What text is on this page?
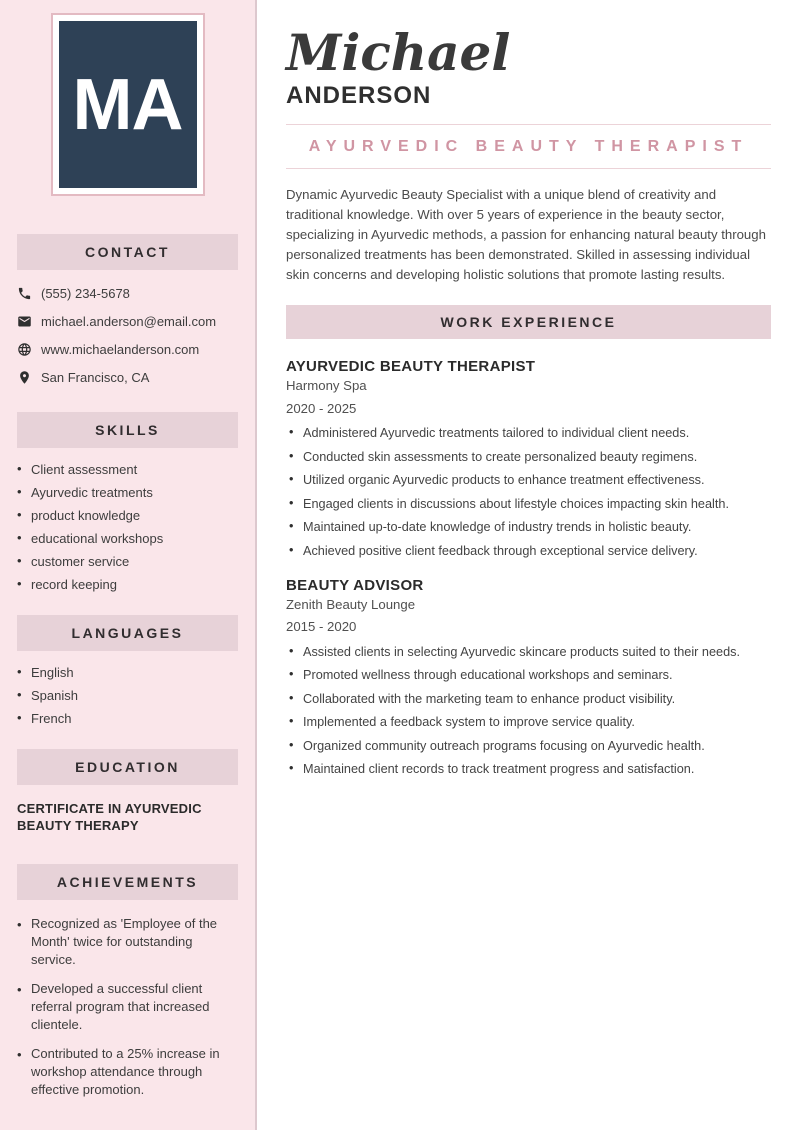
MA
CONTACT
(555) 234-5678
michael.anderson@email.com
www.michaelanderson.com
San Francisco, CA
SKILLS
• Client assessment
• Ayurvedic treatments
• product knowledge
• educational workshops
• customer service
• record keeping
LANGUAGES
• English
• Spanish
• French
EDUCATION
CERTIFICATE IN AYURVEDIC BEAUTY THERAPY
ACHIEVEMENTS
• Recognized as 'Employee of the Month' twice for outstanding service.
• Developed a successful client referral program that increased clientele.
• Contributed to a 25% increase in workshop attendance through effective promotion.
Michael
ANDERSON
AYURVEDIC BEAUTY THERAPIST

Dynamic Ayurvedic Beauty Specialist with a unique blend of creativity and traditional knowledge. With over 5 years of experience in the beauty sector, specializing in Ayurvedic methods, a passion for enhancing natural beauty through personalized treatments has been demonstrated. Skilled in assessing individual skin concerns and developing holistic solutions that promote lasting results.

WORK EXPERIENCE
AYURVEDIC BEAUTY THERAPIST
Harmony Spa
2020 - 2025
• Administered Ayurvedic treatments tailored to individual client needs.
• Conducted skin assessments to create personalized beauty regimens.
• Utilized organic Ayurvedic products to enhance treatment effectiveness.
• Engaged clients in discussions about lifestyle choices impacting skin health.
• Maintained up-to-date knowledge of industry trends in holistic beauty.
• Achieved positive client feedback through exceptional service delivery.
BEAUTY ADVISOR
Zenith Beauty Lounge
2015 - 2020
• Assisted clients in selecting Ayurvedic skincare products suited to their needs.
• Promoted wellness through educational workshops and seminars.
• Collaborated with the marketing team to enhance product visibility.
• Implemented a feedback system to improve service quality.
• Organized community outreach programs focusing on Ayurvedic health.
• Maintained client records to track treatment progress and satisfaction.
